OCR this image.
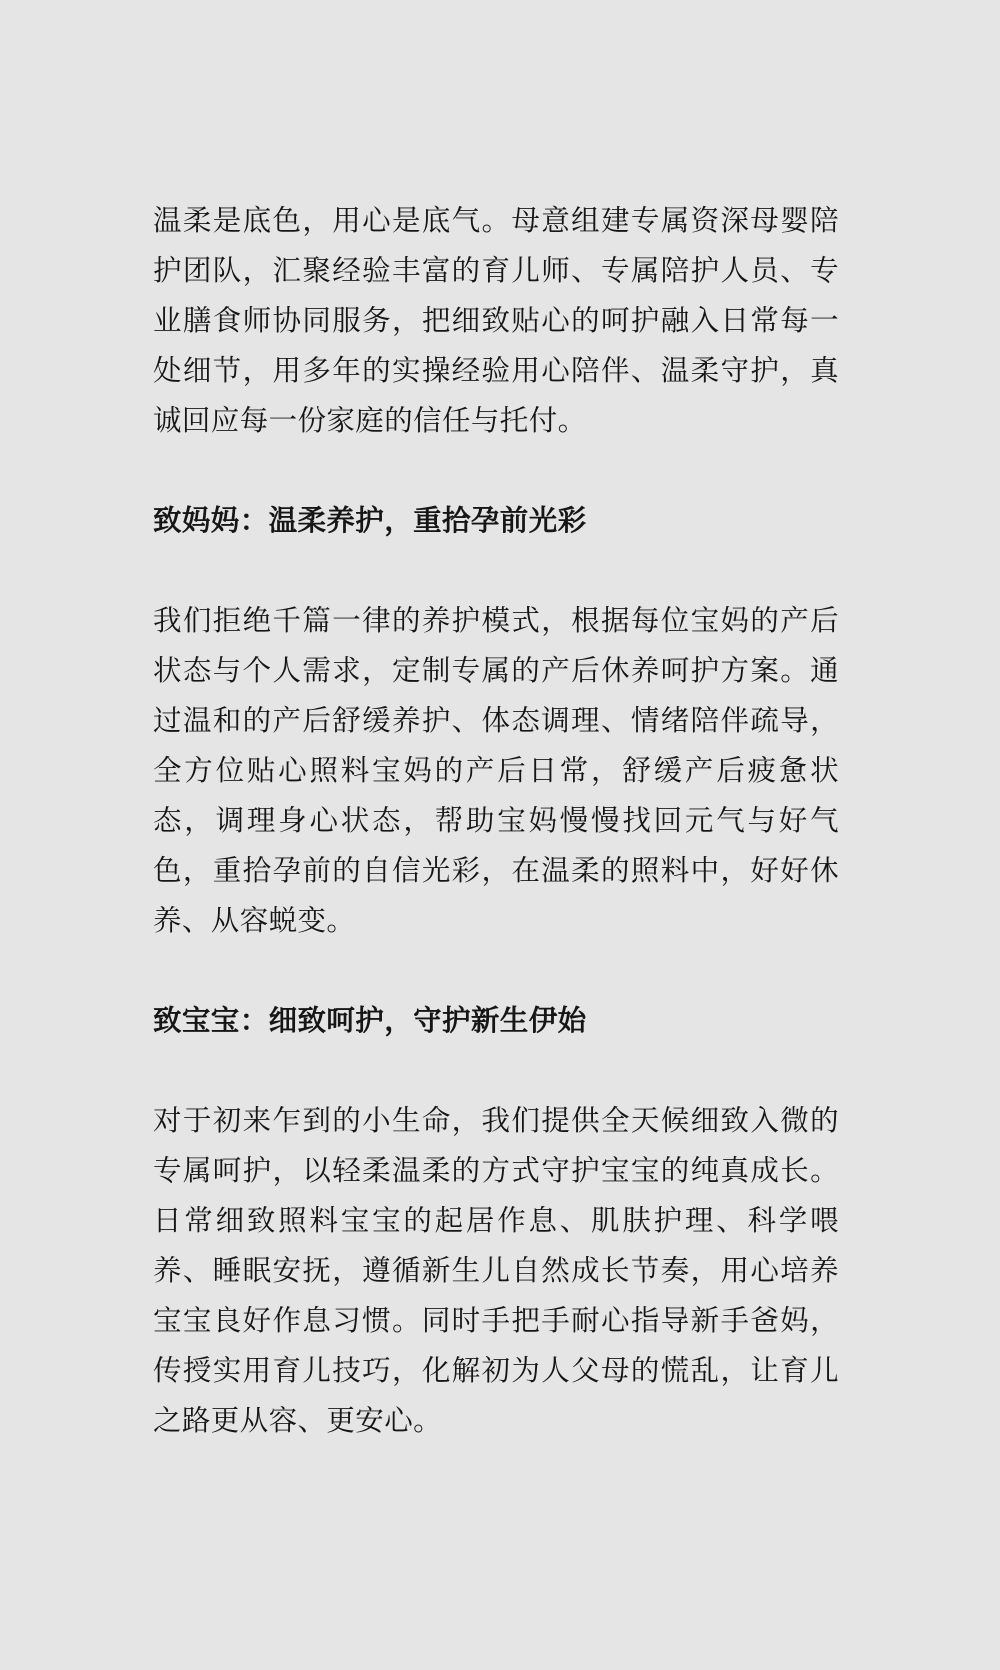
温柔是底色，用心是底气。母意组建专属资深母婴陪护团队，汇聚经验丰富的育儿师、专属陪护人员、专业膳食师协同服务，把细致贴心的呵护融入日常每一处细节，用多年的实操经验用心陪伴、温柔守护，真诚回应每一份家庭的信任与托付。

致妈妈：温柔养护，重拾孕前光彩

我们拒绝千篇一律的养护模式，根据每位宝妈的产后状态与个人需求，定制专属的产后休养呵护方案。通过温和的产后舒缓养护、体态调理、情绪陪伴疏导，全方位贴心照料宝妈的产后日常，舒缓产后疲惫状态，调理身心状态，帮助宝妈慢慢找回元气与好气色，重拾孕前的自信光彩，在温柔的照料中，好好休养、从容蜕变。

致宝宝：细致呵护，守护新生伊始

对于初来乍到的小生命，我们提供全天候细致入微的专属呵护，以轻柔温柔的方式守护宝宝的纯真成长。日常细致照料宝宝的起居作息、肌肤护理、科学喂养、睡眠安抚，遵循新生儿自然成长节奏，用心培养宝宝良好作息习惯。同时手把手耐心指导新手爸妈，传授实用育儿技巧，化解初为人父母的慌乱，让育儿之路更从容、更安心。
